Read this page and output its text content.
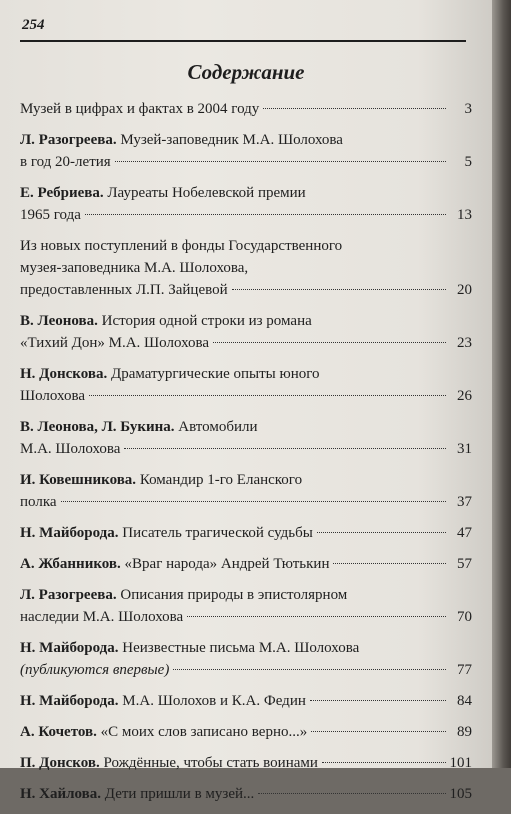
254
Содержание
Музей в цифрах и фактах в 2004 году	3
Л. Разогреева.
Музей-заповедник М.А. Шолохова
в год 20-летия	5
Е. Ребриева.
Лауреаты Нобелевской премии
1965 года	13
Из новых поступлений в фонды Государственного
музея-заповедника М.А. Шолохова,
предоставленных Л.П. Зайцевой	20
В. Леонова.
История одной строки из романа
«Тихий Дон» М.А. Шолохова	23
Н. Донскова.
Драматургические опыты юного
Шолохова	26
В. Леонова, Л. Букина.
Автомобили
М.А. Шолохова	31
И. Ковешникова.
Командир 1-го Еланского
полка	37
Н. Майборода.
Писатель трагической судьбы	47
А. Жбанников.
«Враг народа» Андрей Тютькин	57
Л. Разогреева.
Описания природы в эпистолярном
наследии М.А. Шолохова	70
Н. Майборода.
Неизвестные письма М.А. Шолохова
(публикуются впервые)	77
Н. Майборода.
М.А. Шолохов и К.А. Федин	84
А. Кочетов.
«С моих слов записано верно...»	89
П. Донсков.
Рождённые, чтобы стать воинами	101
Н. Хайлова.
Дети пришли в музей...	105
